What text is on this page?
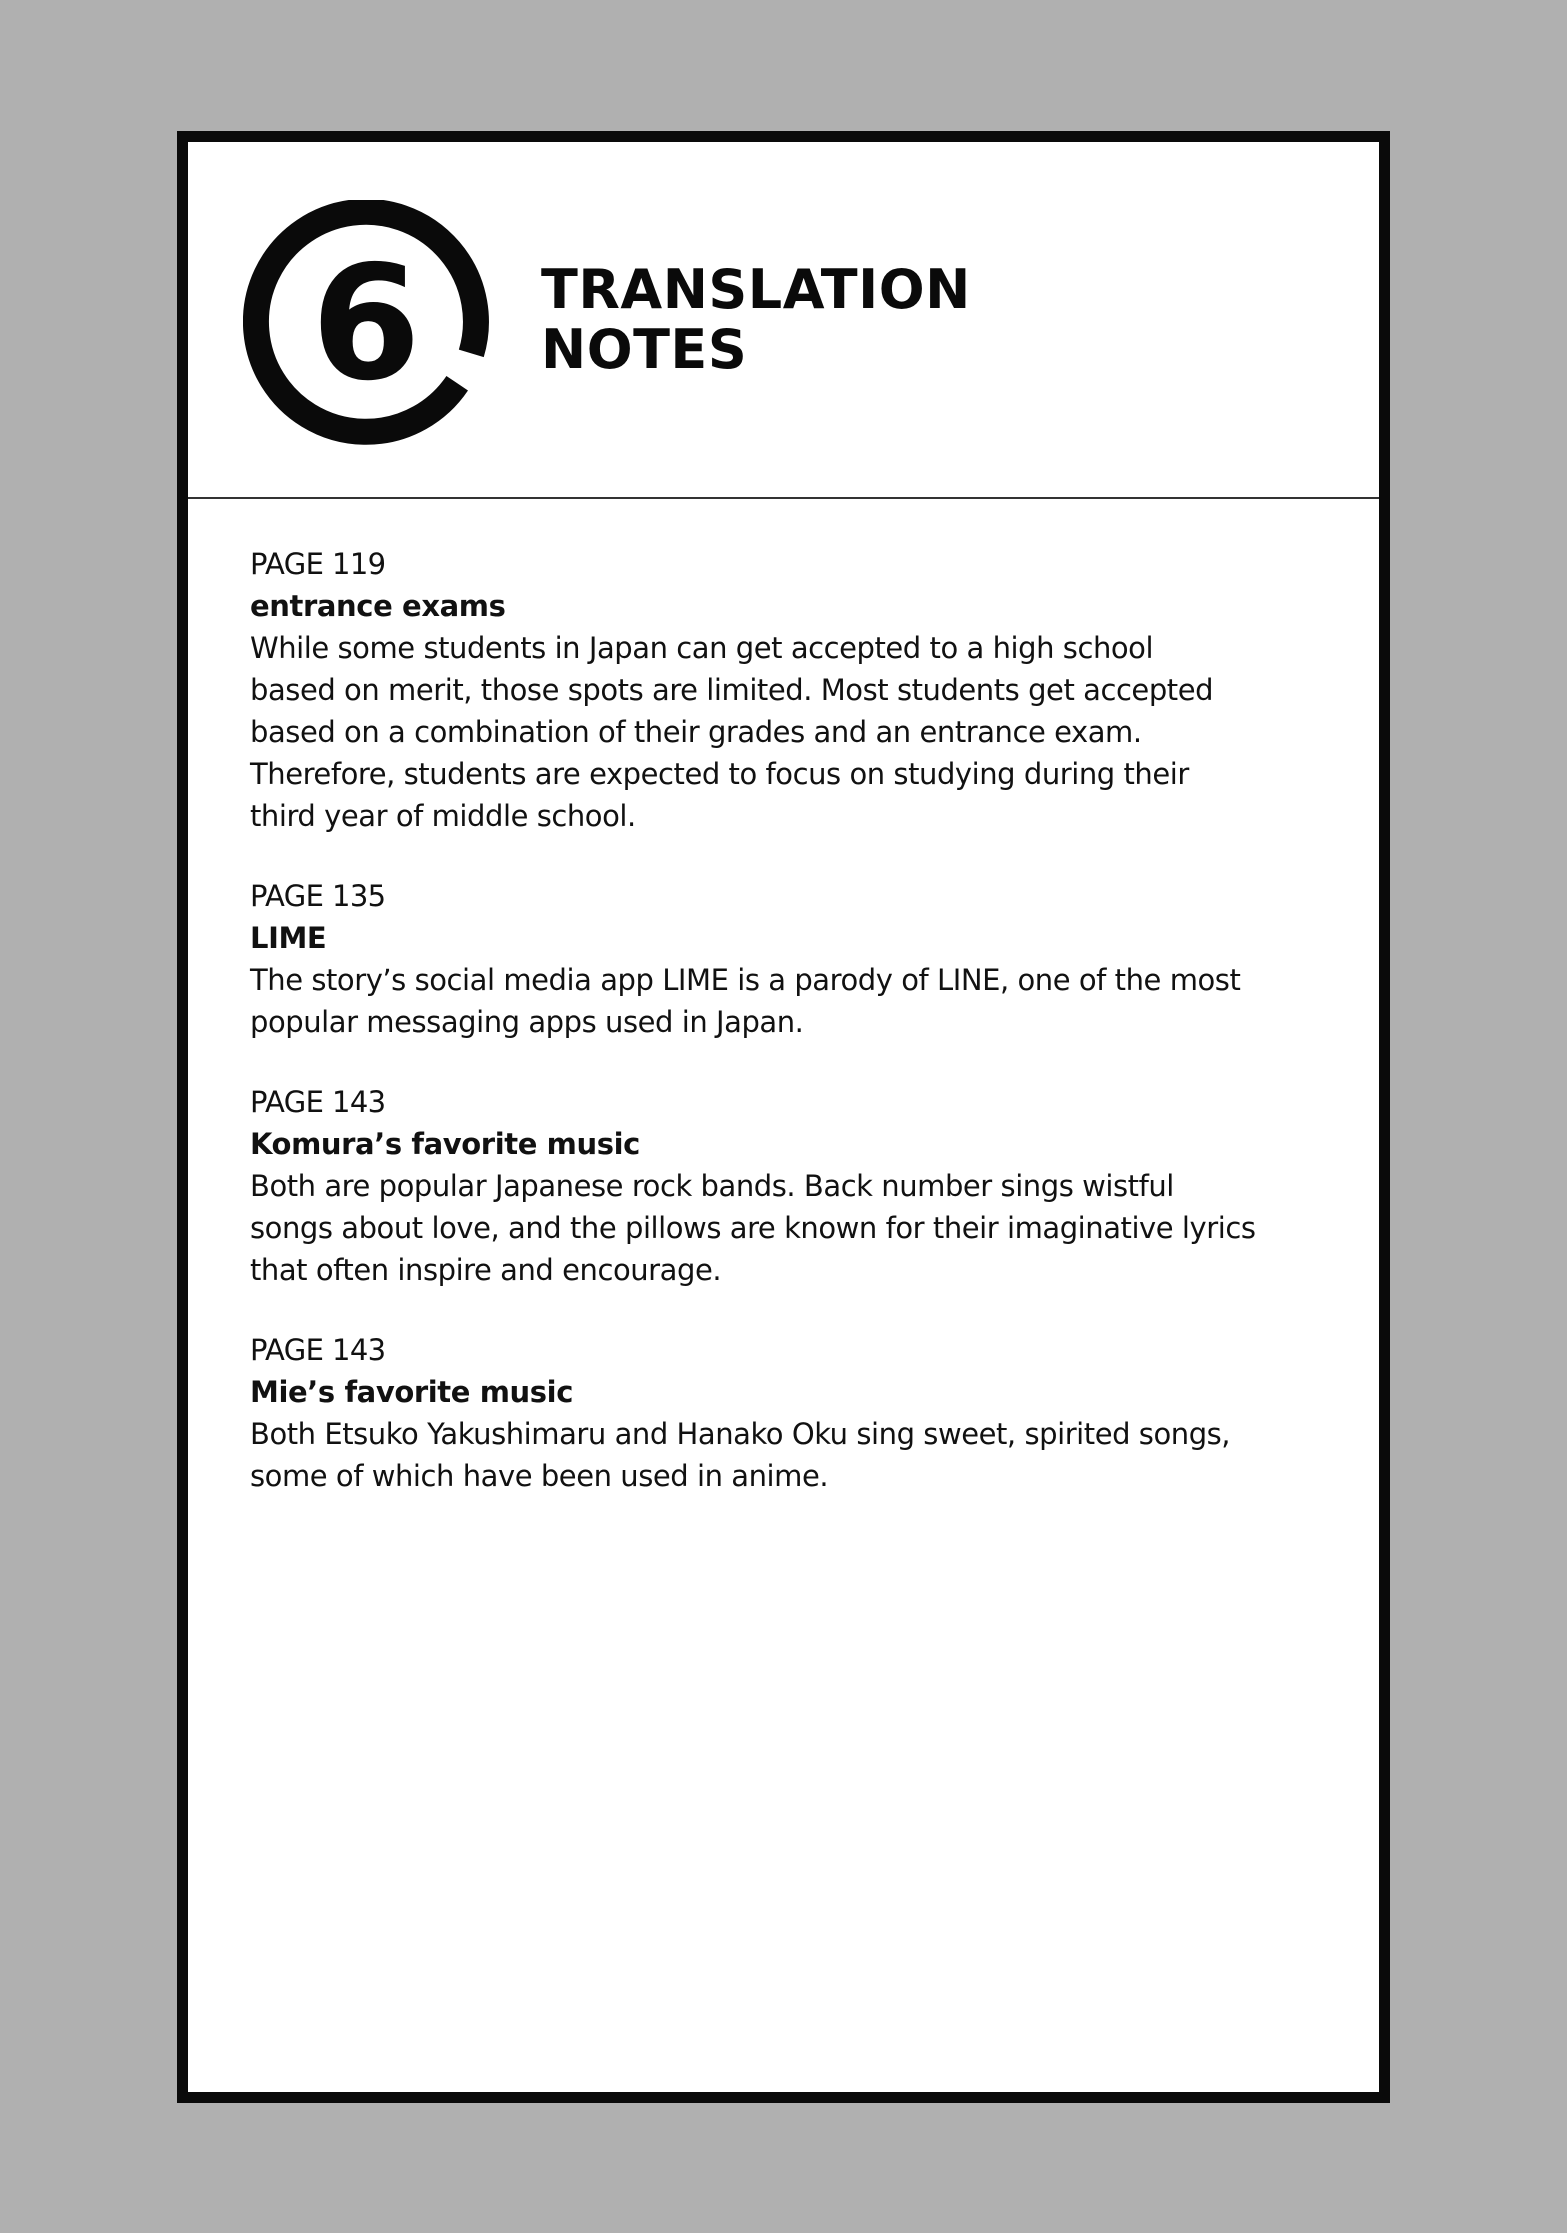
6	TRANSLATION
NOTES
PAGE 119
entrance exams
While some students in Japan can get accepted to a high school
based on merit, those spots are limited. Most students get accepted
based on a combination of their grades and an entrance exam.
Therefore, students are expected to focus on studying during their
third year of middle school.
PAGE 135
LIME
The story’s social media app LIME is a parody of LINE, one of the most
popular messaging apps used in Japan.
PAGE 143
Komura’s favorite music
Both are popular Japanese rock bands. Back number sings wistful
songs about love, and the pillows are known for their imaginative lyrics
that often inspire and encourage.
PAGE 143
Mie’s favorite music
Both Etsuko Yakushimaru and Hanako Oku sing sweet, spirited songs,
some of which have been used in anime.
